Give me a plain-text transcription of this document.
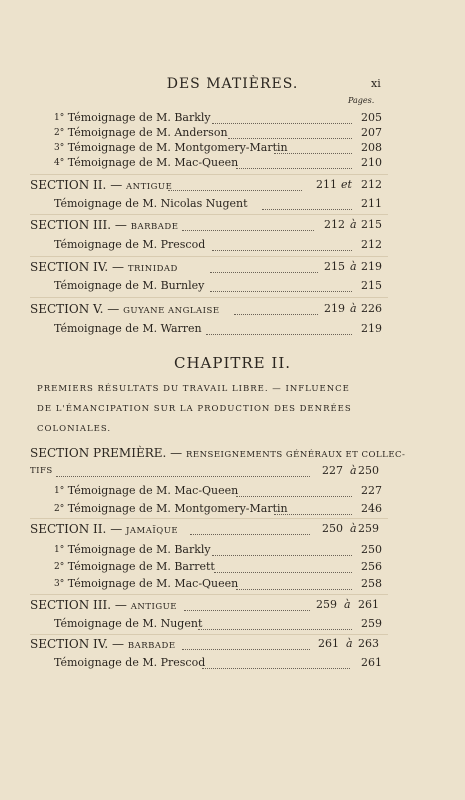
DES MATIÈRES.	xi
Pages.
1° Témoignage de M. Barkly	205
2° Témoignage de M. Anderson	207
3° Témoignage de M. Montgomery-Martin	208
4° Témoignage de M. Mac-Queen	210
SECTION II. — ANTIGUE	211 et 212
Témoignage de M. Nicolas Nugent	211
SECTION III. — BARBADE	212 à 215
Témoignage de M. Prescod	212
SECTION IV. — TRINIDAD	215 à 219
Témoignage de M. Burnley	215
SECTION V. — GUYANE ANGLAISE	219 à 226
Témoignage de M. Warren	219
CHAPITRE II.
PREMIERS RÉSULTATS DU TRAVAIL LIBRE. — INFLUENCE
DE L'ÉMANCIPATION SUR LA PRODUCTION DES DENRÉES
COLONIALES.
SECTION PREMIÈRE. — RENSEIGNEMENTS GÉNÉRAUX ET COLLEC-
TIFS	227 à 250
1° Témoignage de M. Mac-Queen	227
2° Témoignage de M. Montgomery-Martin	246
SECTION II. — JAMAÏQUE	250 à 259
1° Témoignage de M. Barkly	250
2° Témoignage de M. Barrett	256
3° Témoignage de M. Mac-Queen	258
SECTION III. — ANTIGUE	259 à 261
Témoignage de M. Nugent	259
SECTION IV. — BARBADE	261 à 263
Témoignage de M. Prescod	261
